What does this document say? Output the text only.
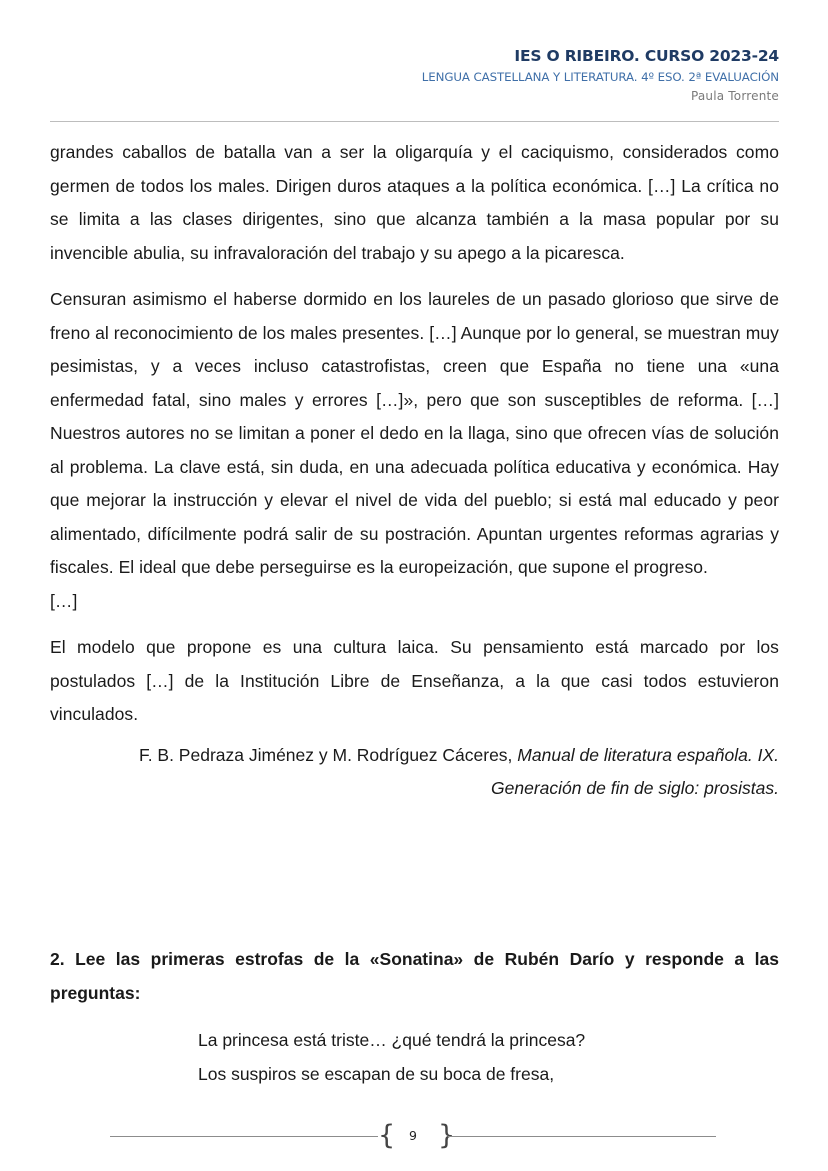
IES O RIBEIRO. CURSO 2023-24
LENGUA CASTELLANA Y LITERATURA. 4º ESO. 2ª EVALUACIÓN
Paula Torrente

grandes caballos de batalla van a ser la oligarquía y el caciquismo, considerados como germen de todos los males. Dirigen duros ataques a la política económica. […] La crítica no se limita a las clases dirigentes, sino que alcanza también a la masa popular por su invencible abulia, su infravaloración del trabajo y su apego a la picaresca.

Censuran asimismo el haberse dormido en los laureles de un pasado glorioso que sirve de freno al reconocimiento de los males presentes. […] Aunque por lo general, se muestran muy pesimistas, y a veces incluso catastrofistas, creen que España no tiene una «una enfermedad fatal, sino males y errores […]», pero que son susceptibles de reforma. […] Nuestros autores no se limitan a poner el dedo en la llaga, sino que ofrecen vías de solución al problema. La clave está, sin duda, en una adecuada política educativa y económica. Hay que mejorar la instrucción y elevar el nivel de vida del pueblo; si está mal educado y peor alimentado, difícilmente podrá salir de su postración. Apuntan urgentes reformas agrarias y fiscales. El ideal que debe perseguirse es la europeización, que supone el progreso.
[…]

El modelo que propone es una cultura laica. Su pensamiento está marcado por los postulados […] de la Institución Libre de Enseñanza, a la que casi todos estuvieron vinculados.

F. B. Pedraza Jiménez y M. Rodríguez Cáceres, Manual de literatura española. IX.
Generación de fin de siglo: prosistas.
2. Lee las primeras estrofas de la «Sonatina» de Rubén Darío y responde a las preguntas:
La princesa está triste… ¿qué tendrá la princesa?
Los suspiros se escapan de su boca de fresa,
{	9 }
